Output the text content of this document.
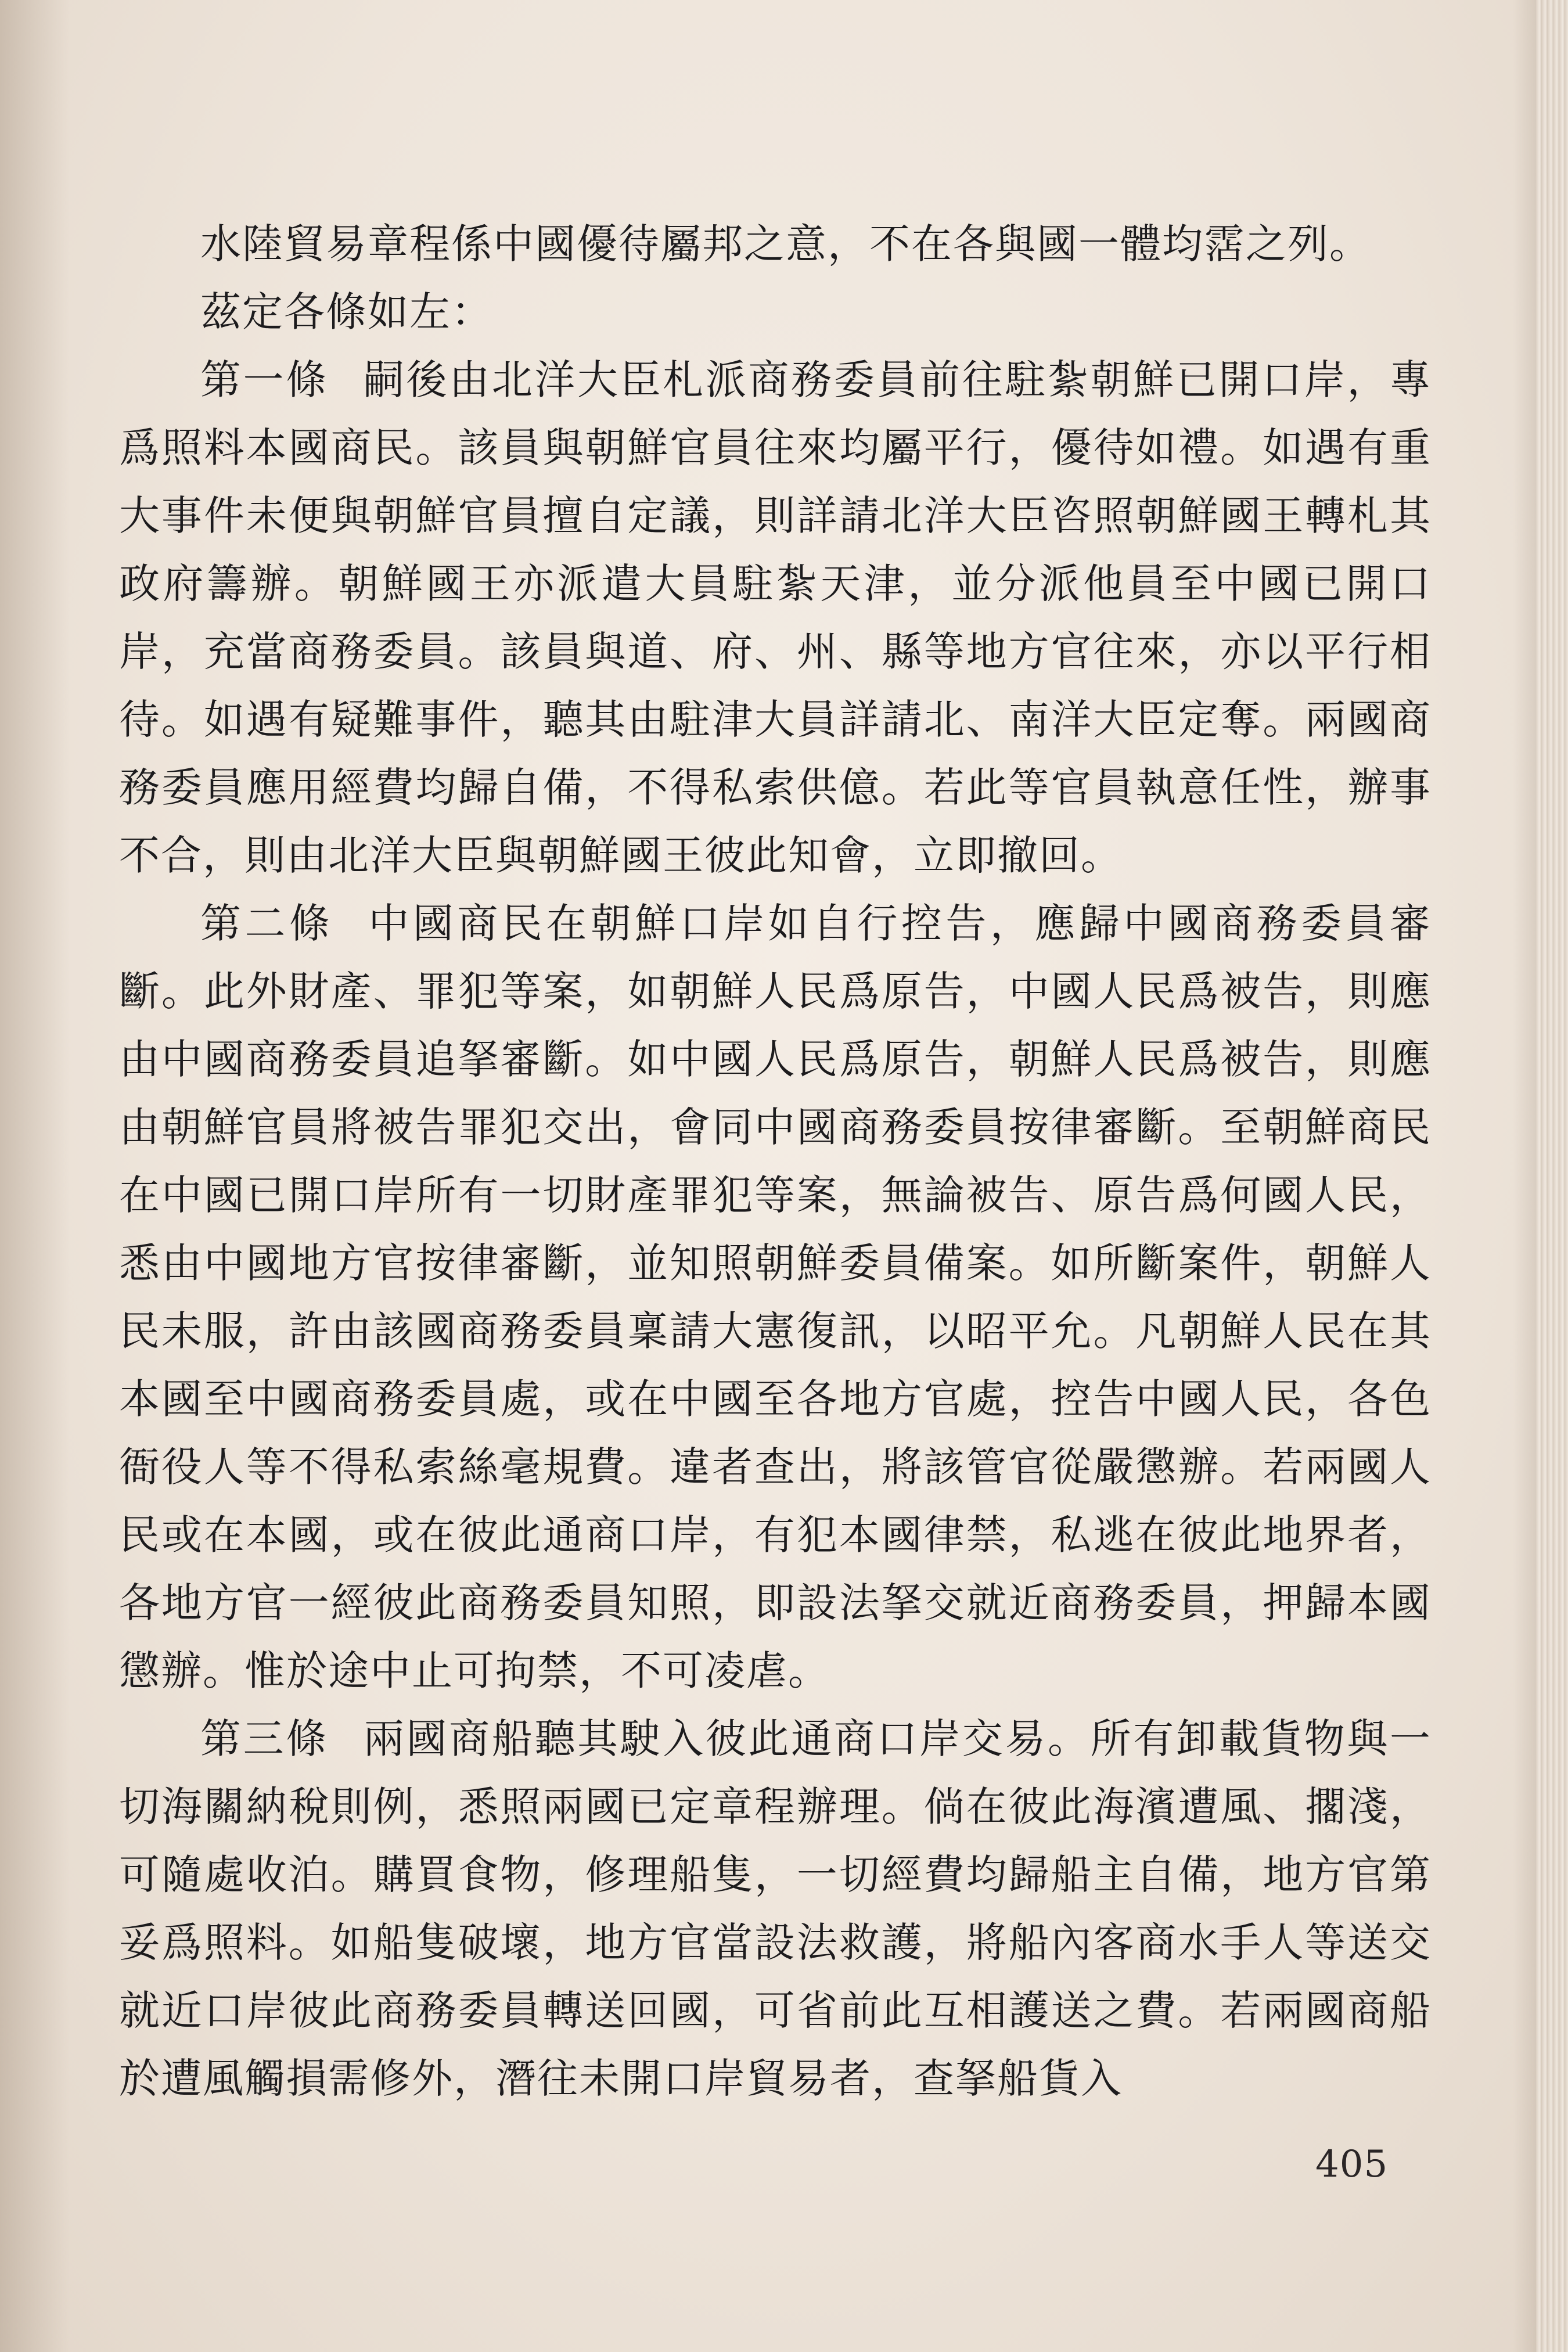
水陸貿易章程係中國優待屬邦之意，不在各與國一體均霑之列。

茲定各條如左：

第一條 嗣後由北洋大臣札派商務委員前往駐紮朝鮮已開口岸，專爲照料本國商民。該員與朝鮮官員往來均屬平行，優待如禮。如遇有重大事件未便與朝鮮官員擅自定議，則詳請北洋大臣咨照朝鮮國王轉札其政府籌辦。朝鮮國王亦派遣大員駐紮天津，並分派他員至中國已開口岸，充當商務委員。該員與道、府、州、縣等地方官往來，亦以平行相待。如遇有疑難事件，聽其由駐津大員詳請北、南洋大臣定奪。兩國商務委員應用經費均歸自備，不得私索供億。若此等官員執意任性，辦事不合，則由北洋大臣與朝鮮國王彼此知會，立即撤回。

第二條 中國商民在朝鮮口岸如自行控告，應歸中國商務委員審斷。此外財產、罪犯等案，如朝鮮人民爲原告，中國人民爲被告，則應由中國商務委員追拏審斷。如中國人民爲原告，朝鮮人民爲被告，則應由朝鮮官員將被告罪犯交出，會同中國商務委員按律審斷。至朝鮮商民在中國已開口岸所有一切財產罪犯等案，無論被告、原告爲何國人民，悉由中國地方官按律審斷，並知照朝鮮委員備案。如所斷案件，朝鮮人民未服，許由該國商務委員稟請大憲復訊，以昭平允。凡朝鮮人民在其本國至中國商務委員處，或在中國至各地方官處，控告中國人民，各色衙役人等不得私索絲毫規費。違者查出，將該管官從嚴懲辦。若兩國人民或在本國，或在彼此通商口岸，有犯本國律禁，私逃在彼此地界者，各地方官一經彼此商務委員知照，即設法拏交就近商務委員，押歸本國懲辦。惟於途中止可拘禁，不可凌虐。

第三條 兩國商船聽其駛入彼此通商口岸交易。所有卸載貨物與一切海關納稅則例，悉照兩國已定章程辦理。倘在彼此海濱遭風、擱淺，可隨處收泊。購買食物，修理船隻，一切經費均歸船主自備，地方官第妥爲照料。如船隻破壞，地方官當設法救護，將船內客商水手人等送交就近口岸彼此商務委員轉送回國，可省前此互相護送之費。若兩國商船於遭風觸損需修外，潛往未開口岸貿易者，查拏船貨入

405
